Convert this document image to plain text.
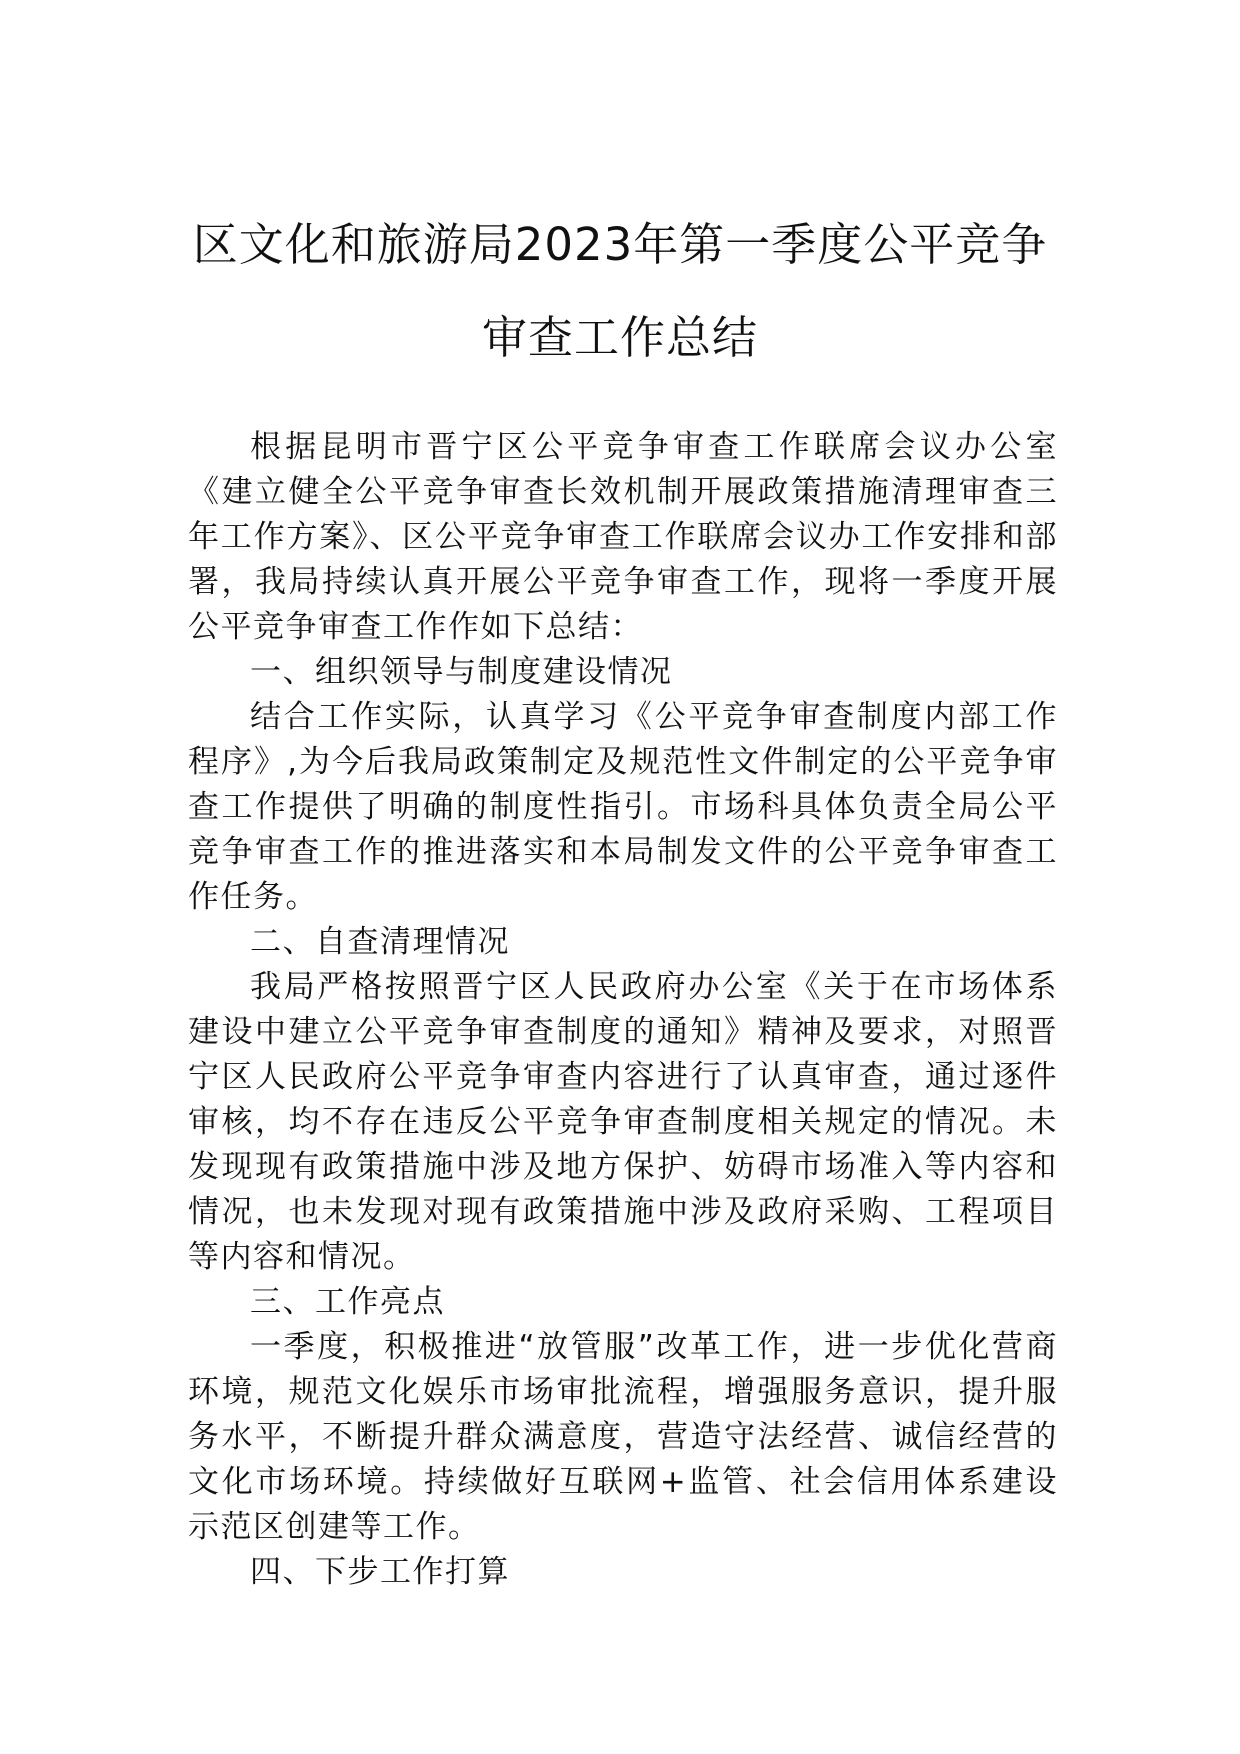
区文化和旅游局2023年第一季度公平竞争
审查工作总结

根据昆明市晋宁区公平竞争审查工作联席会议办公室《建立健全公平竞争审查长效机制开展政策措施清理审查三年工作方案》、区公平竞争审查工作联席会议办工作安排和部署，我局持续认真开展公平竞争审查工作，现将一季度开展公平竞争审查工作作如下总结：

一、组织领导与制度建设情况

结合工作实际，认真学习《公平竞争审查制度内部工作程序》,为今后我局政策制定及规范性文件制定的公平竞争审查工作提供了明确的制度性指引。市场科具体负责全局公平竞争审查工作的推进落实和本局制发文件的公平竞争审查工作任务。

二、自查清理情况

我局严格按照晋宁区人民政府办公室《关于在市场体系建设中建立公平竞争审查制度的通知》精神及要求，对照晋宁区人民政府公平竞争审查内容进行了认真审查，通过逐件审核，均不存在违反公平竞争审查制度相关规定的情况。未发现现有政策措施中涉及地方保护、妨碍市场准入等内容和情况，也未发现对现有政策措施中涉及政府采购、工程项目等内容和情况。

三、工作亮点

一季度，积极推进“放管服”改革工作，进一步优化营商环境，规范文化娱乐市场审批流程，增强服务意识，提升服务水平，不断提升群众满意度，营造守法经营、诚信经营的文化市场环境。持续做好互联网+监管、社会信用体系建设示范区创建等工作。

四、下步工作打算
